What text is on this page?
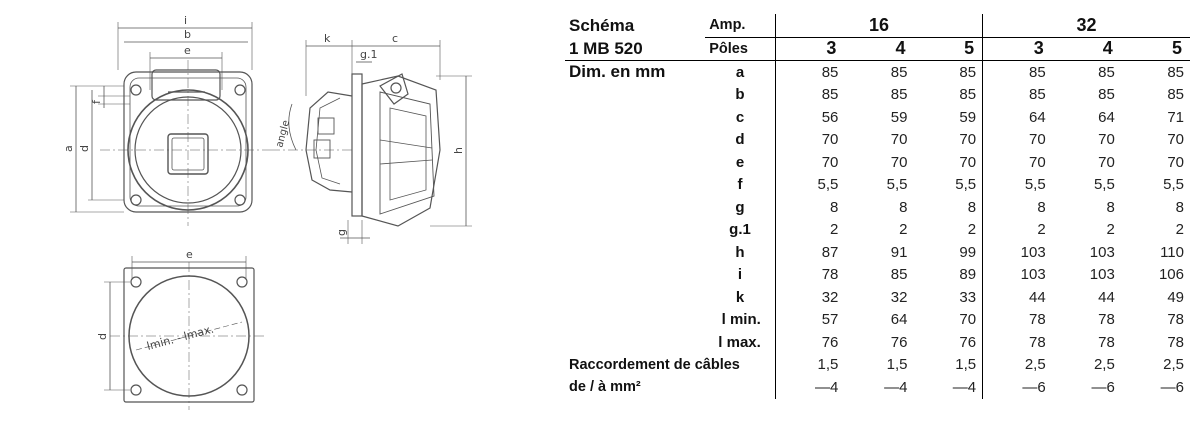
i
b
e
a d
f
k
g.1
c
angle
h
g
e
d	lmin. - lmax.
Schéma	Amp.	16			32		
1 MB 520	Pôles	3	4	5	3	4	5
Dim. en mm	a	85	85	85	85	85	85
	b	85	85	85	85	85	85
	c	56	59	59	64	64	71
	d	70	70	70	70	70	70
	e	70	70	70	70	70	70
	f	5,5	5,5	5,5	5,5	5,5	5,5
	g	8	8	8	8	8	8
	g.1	2	2	2	2	2	2
	h	87	91	99	103	103	110
	i	78	85	89	103	103	106
	k	32	32	33	44	44	49
	l min.	57	64	70	78	78	78
	l max.	76	76	76	78	78	78
Raccordement de câbles		1,5	1,5	1,5	2,5	2,5	2,5
de / à mm²		—4	—4	—4	—6	—6	—6
